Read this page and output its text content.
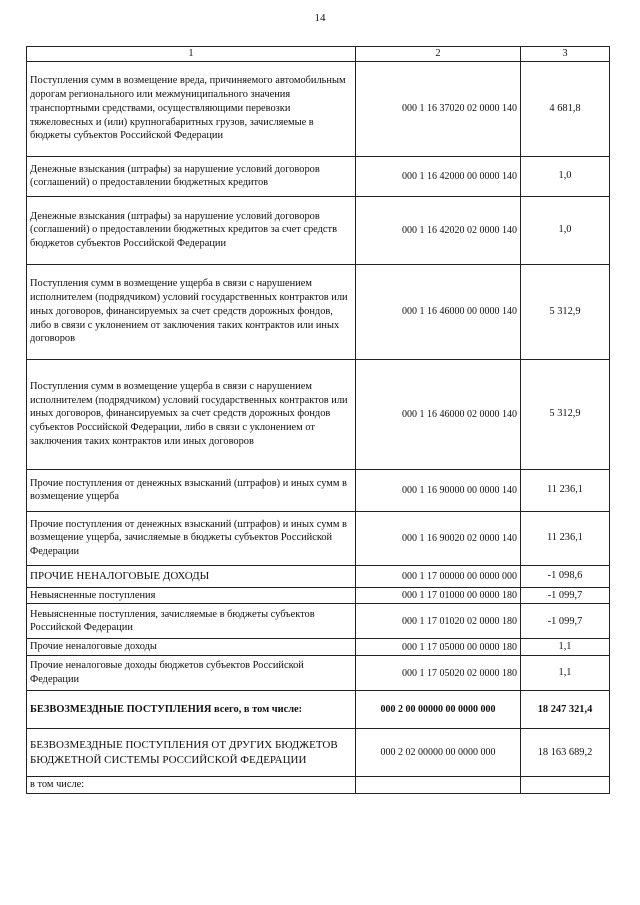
14
1	2	3
Поступления сумм в возмещение вреда, причиняемого автомобильным дорогам регионального или межмуниципального значения транспортными средствами, осуществляющими перевозки тяжеловесных и (или) крупногабаритных грузов, зачисляемые в бюджеты субъектов Российской Федерации	000 1 16 37020 02 0000 140	4 681,8
Денежные взыскания (штрафы) за нарушение условий договоров (соглашений) о предоставлении бюджетных кредитов	000 1 16 42000 00 0000 140	1,0
Денежные взыскания (штрафы) за нарушение условий договоров (соглашений) о предоставлении бюджетных кредитов за счет средств бюджетов субъектов Российской Федерации	000 1 16 42020 02 0000 140	1,0
Поступления сумм в возмещение ущерба в связи с нарушением исполнителем (подрядчиком) условий государственных контрактов или иных договоров, финансируемых за счет средств дорожных фондов, либо в связи с уклонением от заключения таких контрактов или иных договоров	000 1 16 46000 00 0000 140	5 312,9
Поступления сумм в возмещение ущерба в связи с нарушением исполнителем (подрядчиком) условий государственных контрактов или иных договоров, финансируемых за счет средств дорожных фондов субъектов Российской Федерации, либо в связи с уклонением от заключения таких контрактов или иных договоров	000 1 16 46000 02 0000 140	5 312,9
Прочие поступления от денежных взысканий (штрафов) и иных сумм в возмещение ущерба	000 1 16 90000 00 0000 140	11 236,1
Прочие поступления от денежных взысканий (штрафов) и иных сумм в возмещение ущерба, зачисляемые в бюджеты субъектов Российской Федерации	000 1 16 90020 02 0000 140	11 236,1
ПРОЧИЕ НЕНАЛОГОВЫЕ ДОХОДЫ	000 1 17 00000 00 0000 000	-1 098,6
Невыясненные поступления	000 1 17 01000 00 0000 180	-1 099,7
Невыясненные поступления, зачисляемые в бюджеты субъектов Российской Федерации	000 1 17 01020 02 0000 180	-1 099,7
Прочие неналоговые доходы	000 1 17 05000 00 0000 180	1,1
Прочие неналоговые доходы бюджетов субъектов Российской Федерации	000 1 17 05020 02 0000 180	1,1
БЕЗВОЗМЕЗДНЫЕ ПОСТУПЛЕНИЯ всего, в том числе:	000 2 00 00000 00 0000 000	18 247 321,4
БЕЗВОЗМЕЗДНЫЕ ПОСТУПЛЕНИЯ ОТ ДРУГИХ БЮДЖЕТОВ БЮДЖЕТНОЙ СИСТЕМЫ РОССИЙСКОЙ ФЕДЕРАЦИИ	000 2 02 00000 00 0000 000	18 163 689,2
в том числе:		
